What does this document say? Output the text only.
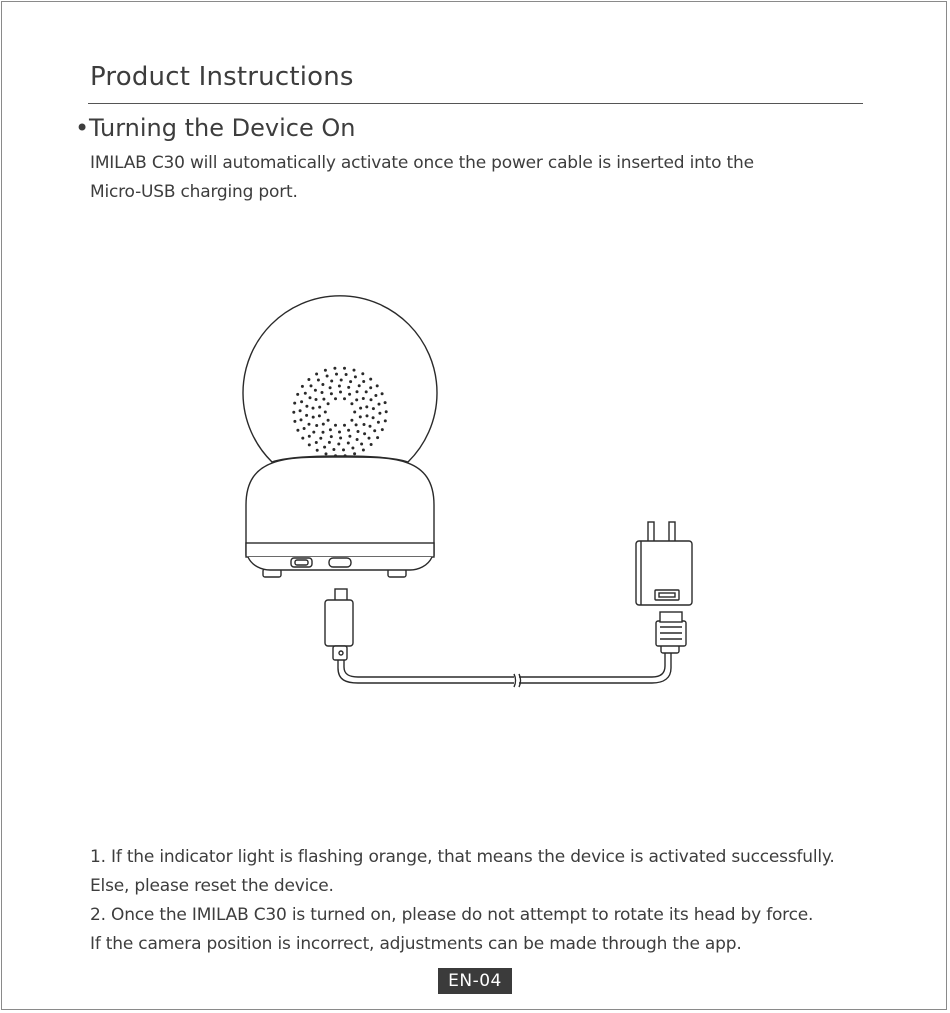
Product Instructions
•Turning the Device On
IMILAB C30 will automatically activate once the power cable is inserted into the
Micro-USB charging port.

1. If the indicator light is flashing orange, that means the device is activated successfully.

Else, please reset the device.

2. Once the IMILAB C30 is turned on, please do not attempt to rotate its head by force.

If the camera position is incorrect, adjustments can be made through the app.

EN-04
